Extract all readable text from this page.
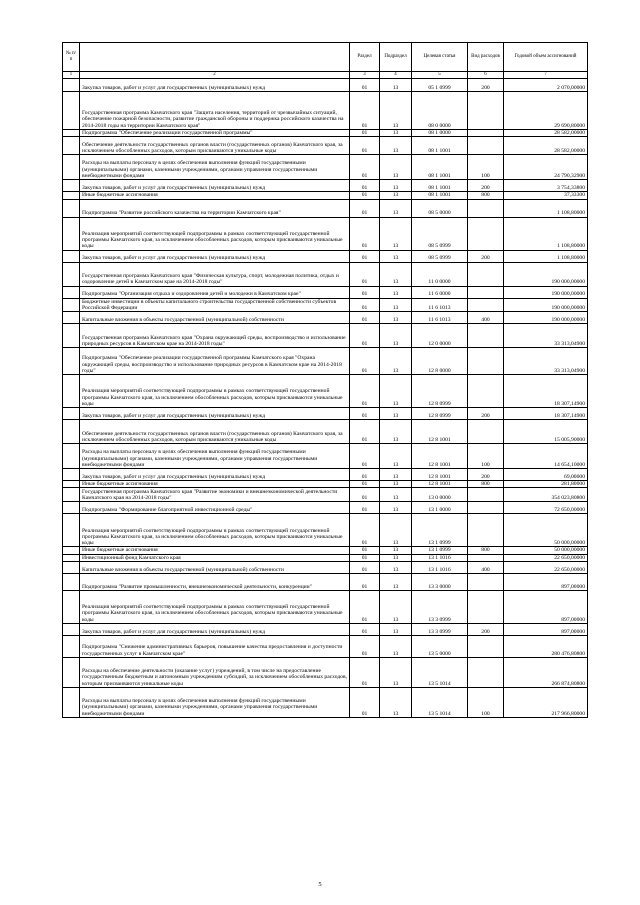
№ п/п		Раздел	Подраздел	Целевая статья	Вид расходов	Годовой объем ассигнований
1	2	3	4	5	6	7
	Закупка товаров, работ и услуг для государственных (муниципальных) нужд	01	13	05 1 0999	200	2 070,00000
	Государственная программа Камчатского края "Защита населения, территорий от чрезвычайных ситуаций, обеспечение пожарной безопасности, развитие гражданской обороны и поддержка российского казачества на 2014-2018 годы на территории Камчатского края"	01	13	08 0 0000		29 690,80000
	Подпрограмма "Обеспечение реализации государственной программы"	01	13	08 1 0000		28 582,00000
	Обеспечение деятельности государственных органов власти (государственных органов) Камчатского края, за исключением обособленных расходов, которым присваиваются уникальные коды	01	13	08 1 1001		28 582,00000
	Расходы на выплаты персоналу в целях обеспечения выполнения функций государственными (муниципальными) органами, казенными учреждениями, органами управления государственными внебюджетными фондами	01	13	08 1 1001	100	24 790,32900
	Закупка товаров, работ и услуг для государственных (муниципальных) нужд	01	13	08 1 1001	200	3 754,33800
	Иные бюджетные ассигнования	01	13	08 1 1001	800	37,33300
	Подпрограмма "Развитие российского казачества на территории Камчатского края"	01	13	08 5 0000		1 108,80000
	Реализация мероприятий соответствующей подпрограммы в рамках соответствующей государственной программы Камчатского края, за исключением обособленных расходов, которым присваиваются уникальные коды	01	13	08 5 0999		1 108,80000
	Закупка товаров, работ и услуг для государственных (муниципальных) нужд	01	13	08 5 0999	200	1 108,80000
	Государственная программа Камчатского края "Физическая культура, спорт, молодежная политика, отдых и оздоровление детей в Камчатском крае на 2014-2018 годы"	01	13	11 0 0000		190 000,00000
	Подпрограмма "Организация отдыха и оздоровления детей и молодежи в Камчатском крае"	01	13	11 6 0000		190 000,00000
	Бюджетные инвестиции в объекты капитального строительства государственной собственности субъектов Российской Федерации	01	13	11 6 1013		190 000,00000
	Капитальные вложения в объекты государственной (муниципальной) собственности	01	13	11 6 1013	400	190 000,00000
	Государственная программа Камчатского края "Охрана окружающей среды, воспроизводство и использование природных ресурсов в Камчатском крае на 2014-2018 годы"	01	13	12 0 0000		33 313,04900
	Подпрограмма "Обеспечение реализации государственной программы Камчатского края "Охрана окружающей среды, воспроизводство и использование природных ресурсов в Камчатском крае на 2014-2018 годы"	01	13	12 8 0000		33 313,04900
	Реализация мероприятий соответствующей подпрограммы в рамках соответствующей государственной программы Камчатского края, за исключением обособленных расходов, которым присваиваются уникальные коды	01	13	12 8 0999		18 307,14900
	Закупка товаров, работ и услуг для государственных (муниципальных) нужд	01	13	12 8 0999	200	18 307,14900
	Обеспечение деятельности государственных органов власти (государственных органов) Камчатского края, за исключением обособленных расходов, которым присваиваются уникальные коды	01	13	12 8 1001		15 005,90000
	Расходы на выплаты персоналу в целях обеспечения выполнения функций государственными (муниципальными) органами, казенными учреждениями, органами управления государственными внебюджетными фондами	01	13	12 8 1001	100	14 654,10000
	Закупка товаров, работ и услуг для государственных (муниципальных) нужд	01	13	12 8 1001	200	69,00000
	Иные бюджетные ассигнования	01	13	12 8 1001	800	281,80000
	Государственная программа Камчатского края "Развитие экономики и внешнеэкономической деятельности Камчатского края на 2014-2018 годы"	01	13	13 0 0000		354 023,80800
	Подпрограмма "Формирование благоприятной инвестиционной среды"	01	13	13 1 0000		72 650,00000
	Реализация мероприятий соответствующей подпрограммы в рамках соответствующей государственной программы Камчатского края, за исключением обособленных расходов, которым присваиваются уникальные коды	01	13	13 1 0999		50 000,00000
	Иные бюджетные ассигнования	01	13	13 1 0999	800	50 000,00000
	Инвестиционный фонд Камчатского края	01	13	13 1 1016		22 650,00000
	Капитальные вложения в объекты государственной (муниципальной) собственности	01	13	13 1 1016	400	22 650,00000
	Подпрограмма "Развитие промышленности, внешнеэкономической деятельности, конкуренции"	01	13	13 3 0000		897,00000
	Реализация мероприятий соответствующей подпрограммы в рамках соответствующей государственной программы Камчатского края, за исключением обособленных расходов, которым присваиваются уникальные коды	01	13	13 3 0999		897,00000
	Закупка товаров, работ и услуг для государственных (муниципальных) нужд	01	13	13 3 0999	200	897,00000
	Подпрограмма "Снижение административных барьеров, повышение качества предоставления и доступности государственных услуг в Камчатском крае"	01	13	13 5 0000		280 476,80800
	Расходы на обеспечение деятельности (оказание услуг) учреждений, в том числе на предоставление государственным бюджетным и автономным учреждениям субсидий, за исключением обособленных расходов, которым присваиваются уникальные коды	01	13	13 5 1014		266 874,80800
	Расходы на выплаты персоналу в целях обеспечения выполнения функций государственными (муниципальными) органами, казенными учреждениями, органами управления государственными внебюджетными фондами	01	13	13 5 1014	100	217 966,80000
5
